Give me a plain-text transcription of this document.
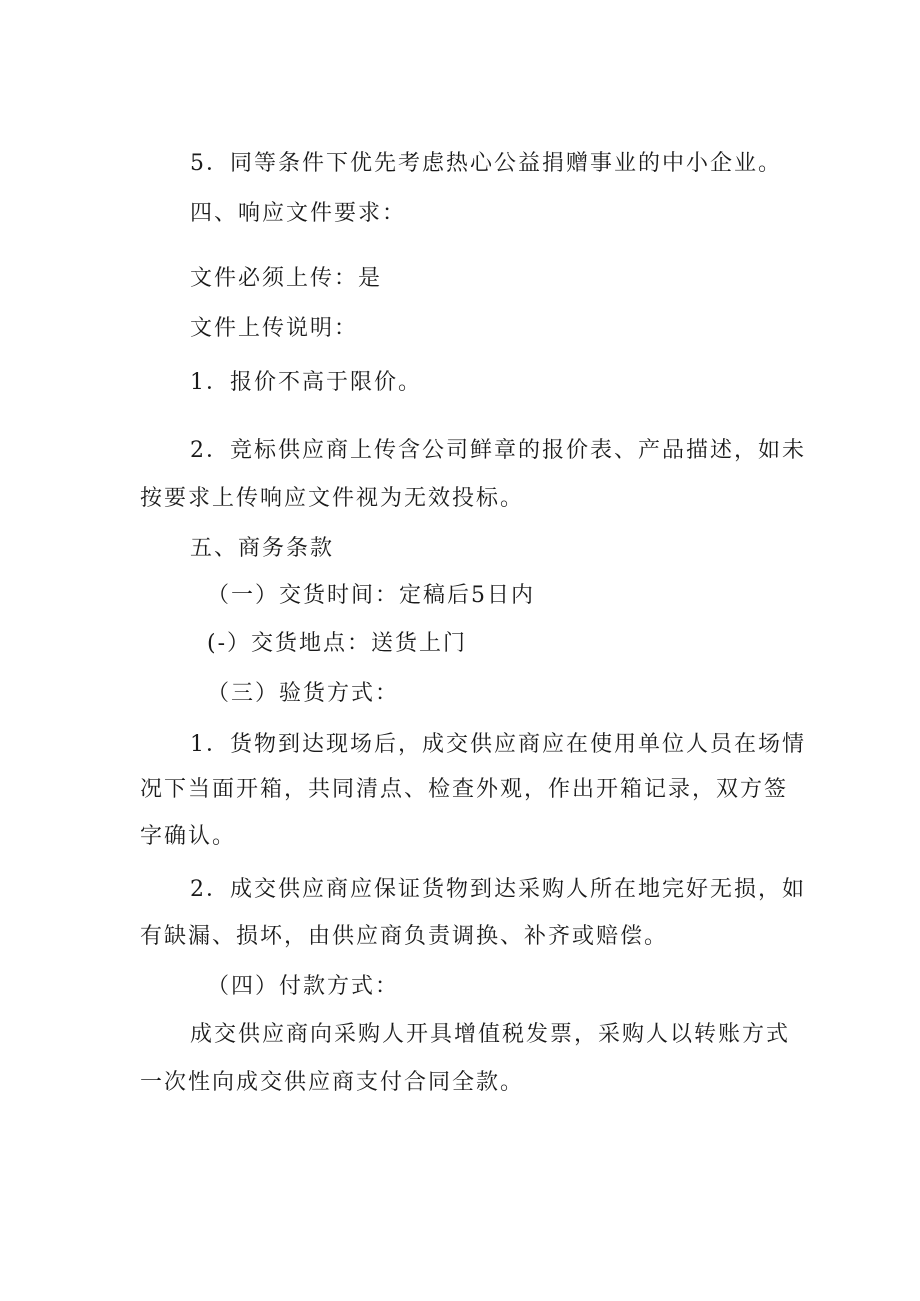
5．同等条件下优先考虑热心公益捐赠事业的中小企业。
四、响应文件要求：
文件必须上传：是
文件上传说明：
1．报价不高于限价。
2．竞标供应商上传含公司鲜章的报价表、产品描述，如未
按要求上传响应文件视为无效投标。
五、商务条款
（一）交货时间：定稿后5日内
(-）交货地点：送货上门
（三）验货方式：
1．货物到达现场后，成交供应商应在使用单位人员在场情
况下当面开箱，共同清点、检查外观，作出开箱记录，双方签
字确认。
2．成交供应商应保证货物到达采购人所在地完好无损，如
有缺漏、损坏，由供应商负责调换、补齐或赔偿。
（四）付款方式：
成交供应商向采购人开具增值税发票，采购人以转账方式
一次性向成交供应商支付合同全款。
